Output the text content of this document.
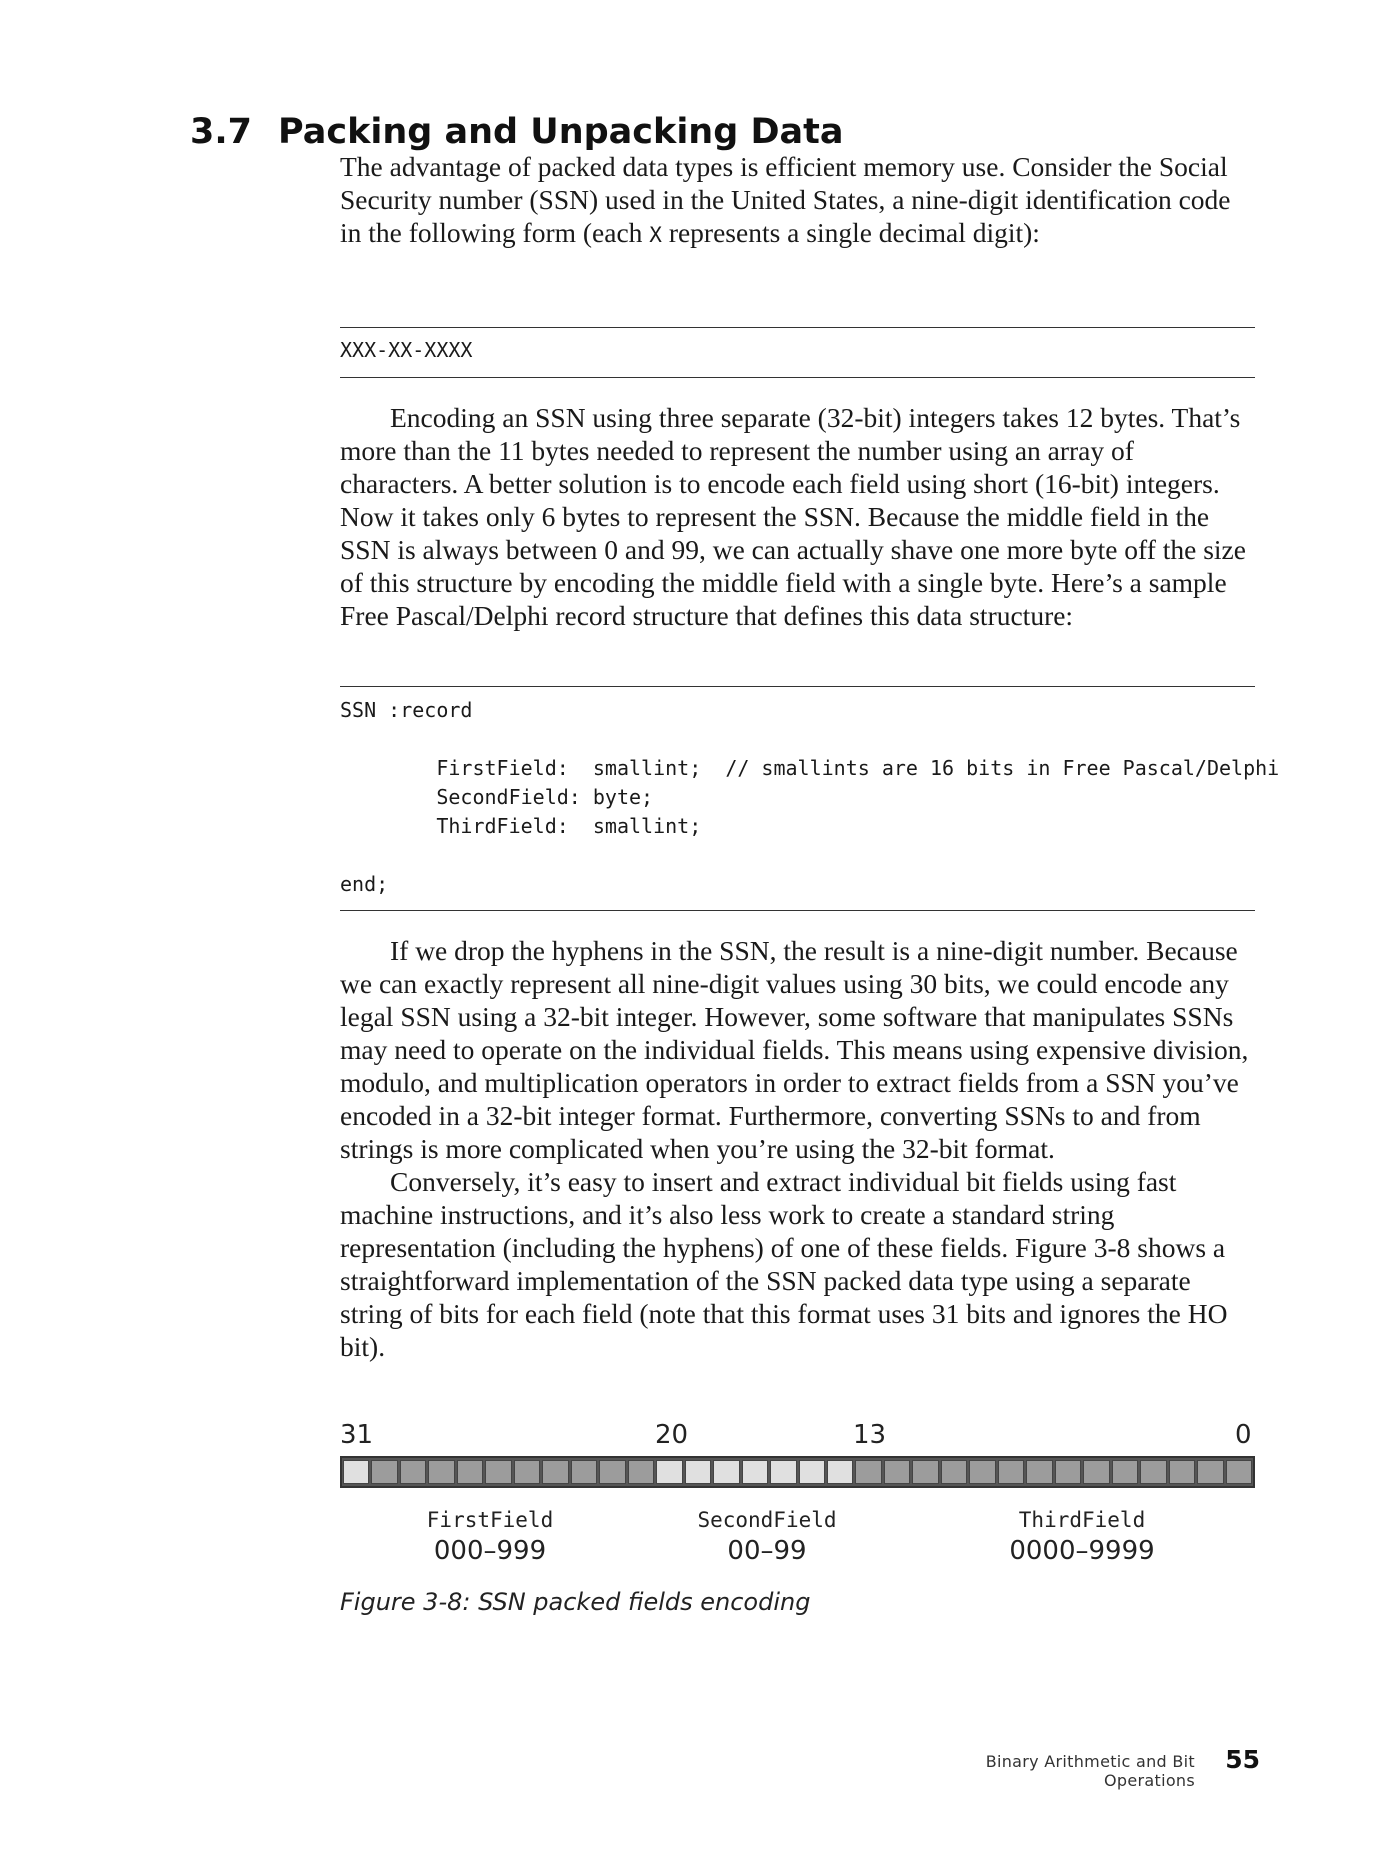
3.7 Packing and Unpacking Data

The advantage of packed data types is efficient memory use. Consider the Social Security number (SSN) used in the United States, a nine-digit identification code in the following form (each X represents a single decimal digit):

XXX-XX-XXXX

Encoding an SSN using three separate (32-bit) integers takes 12 bytes. That’s more than the 11 bytes needed to represent the number using an array of characters. A better solution is to encode each field using short (16-bit) integers. Now it takes only 6 bytes to represent the SSN. Because the middle field in the SSN is always between 0 and 99, we can actually shave one more byte off the size of this structure by encoding the middle field with a single byte. Here’s a sample Free Pascal/Delphi record structure that defines this data structure:

SSN :record

FirstField:  smallint;  // smallints are 16 bits in Free Pascal/Delphi
SecondField: byte;
ThirdField:  smallint;

end;

If we drop the hyphens in the SSN, the result is a nine-digit number. Because we can exactly represent all nine-digit values using 30 bits, we could encode any legal SSN using a 32-bit integer. However, some software that manipulates SSNs may need to operate on the individual fields. This means using expensive division, modulo, and multiplication operators in order to extract fields from a SSN you’ve encoded in a 32-bit integer format. Furthermore, converting SSNs to and from strings is more complicated when you’re using the 32-bit format.

Conversely, it’s easy to insert and extract individual bit fields using fast machine instructions, and it’s also less work to create a standard string representation (including the hyphens) of one of these fields. Figure 3-8 shows a straightforward implementation of the SSN packed data type using a separate string of bits for each field (note that this format uses 31 bits and ignores the HO bit).

31	20	13	0
FirstField
000–999
SecondField
00–99
ThirdField
0000–9999
Figure 3-8: SSN packed fields encoding
Binary Arithmetic and Bit Operations
55
